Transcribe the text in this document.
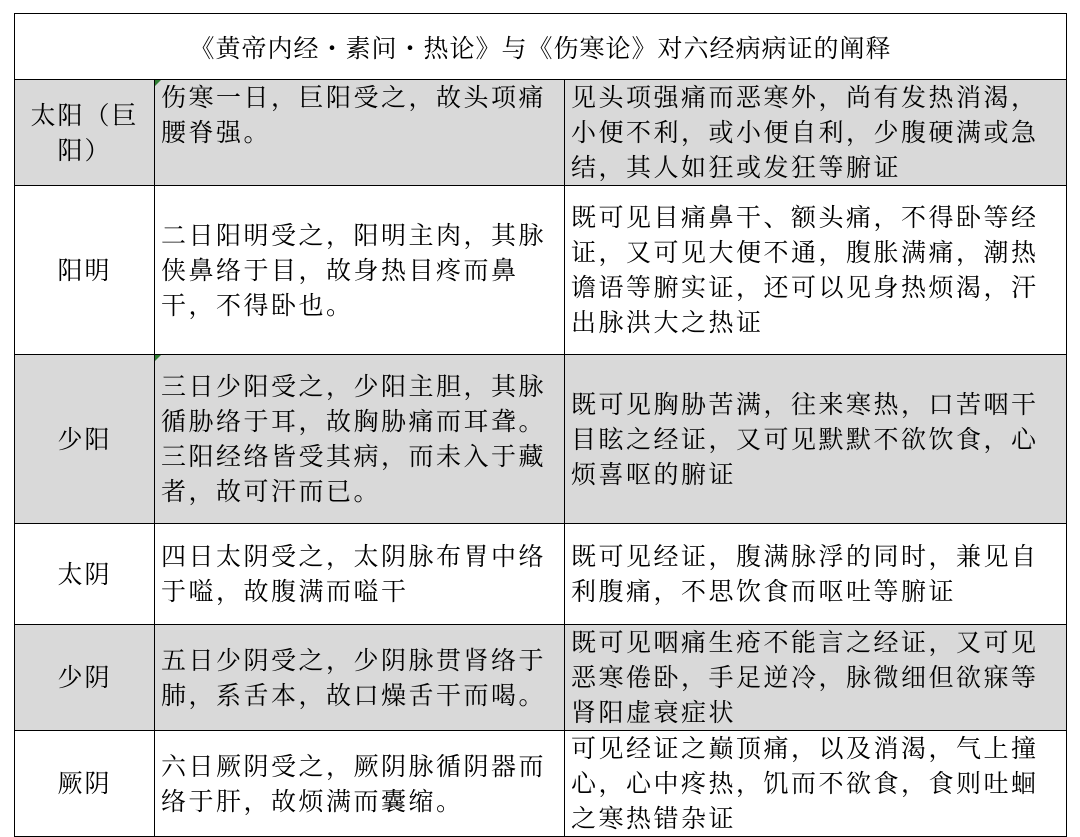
《黄帝内经・素问・热论》与《伤寒论》对六经病病证的阐释		
太阳（巨阳）	伤寒一日，巨阳受之，故头项痛腰脊强。	见头项强痛而恶寒外，尚有发热消渴，小便不利，或小便自利，少腹硬满或急结，其人如狂或发狂等腑证
阳明	二日阳明受之，阳明主肉，其脉侠鼻络于目，故身热目疼而鼻干，不得卧也。	既可见目痛鼻干、额头痛，不得卧等经证，又可见大便不通，腹胀满痛，潮热谵语等腑实证，还可以见身热烦渴，汗出脉洪大之热证
少阳	三日少阳受之，少阳主胆，其脉循胁络于耳，故胸胁痛而耳聋。三阳经络皆受其病，而未入于藏者，故可汗而已。	既可见胸胁苦满，往来寒热，口苦咽干目眩之经证，又可见默默不欲饮食，心烦喜呕的腑证
太阴	四日太阴受之，太阴脉布胃中络于嗌，故腹满而嗌干	既可见经证，腹满脉浮的同时，兼见自利腹痛，不思饮食而呕吐等腑证
少阴	五日少阴受之，少阴脉贯肾络于肺，系舌本，故口燥舌干而喝。	既可见咽痛生疮不能言之经证，又可见恶寒倦卧，手足逆冷，脉微细但欲寐等肾阳虚衰症状
厥阴	六日厥阴受之，厥阴脉循阴器而络于肝，故烦满而囊缩。	可见经证之巅顶痛，以及消渴，气上撞心，心中疼热，饥而不欲食，食则吐蛔之寒热错杂证
